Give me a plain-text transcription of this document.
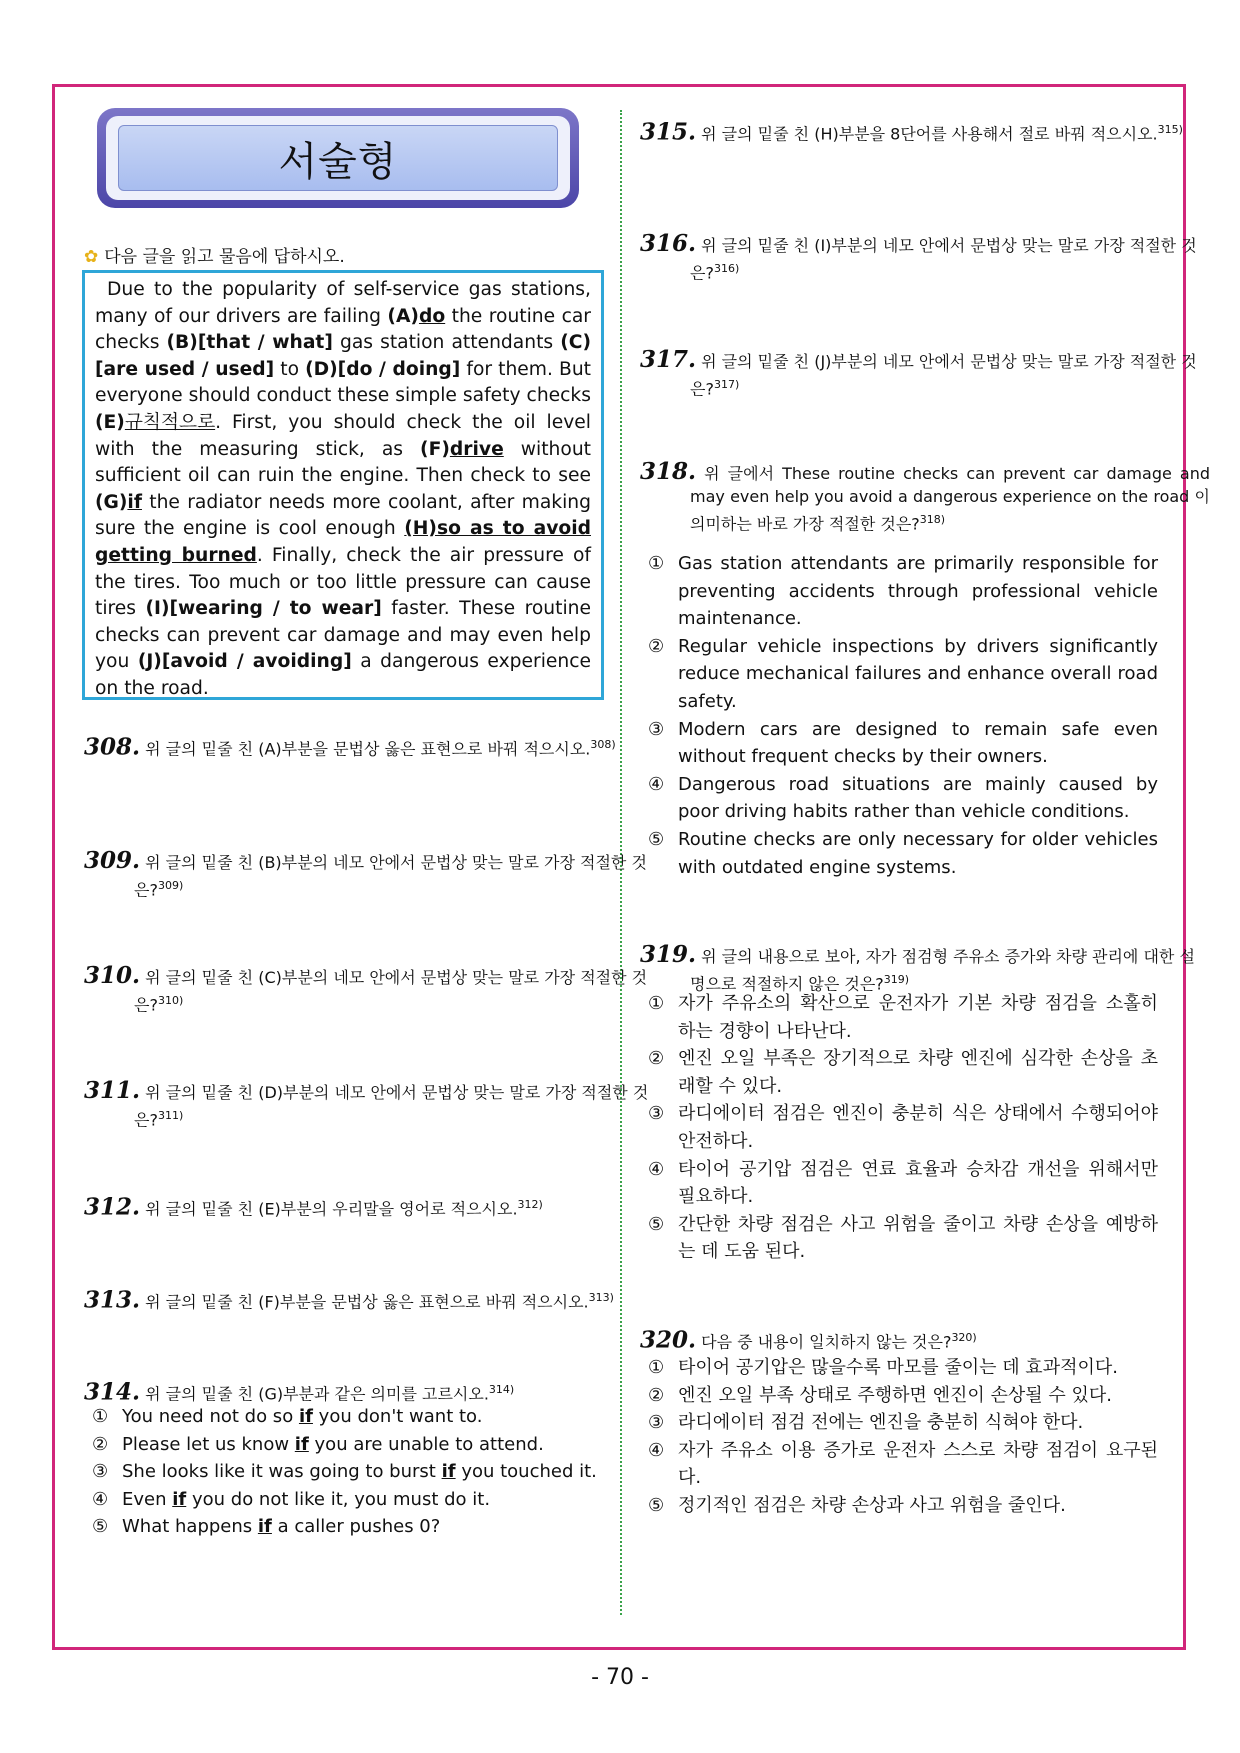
서술형
✿ 다음 글을 읽고 물음에 답하시오.

Due to the popularity of self-service gas stations, many of our drivers are failing (A)do the routine car checks (B)[that / what] gas station attendants (C)[are used / used] to (D)[do / doing] for them. But everyone should conduct these simple safety checks (E)규칙적으로. First, you should check the oil level with the measuring stick, as (F)drive without sufficient oil can ruin the engine. Then check to see (G)if the radiator needs more coolant, after making sure the engine is cool enough (H)so as to avoid getting burned. Finally, check the air pressure of the tires. Too much or too little pressure can cause tires (I)[wearing / to wear] faster. These routine checks can prevent car damage and may even help you (J)[avoid / avoiding] a dangerous experience on the road.

308. 위 글의 밑줄 친 (A)부분을 문법상 옳은 표현으로 바꿔 적으시오.$^{308)}$
309. 위 글의 밑줄 친 (B)부분의 네모 안에서 문법상 맞는 말로 가장 적절한 것은?$^{309)}$
310. 위 글의 밑줄 친 (C)부분의 네모 안에서 문법상 맞는 말로 가장 적절한 것은?$^{310)}$
311. 위 글의 밑줄 친 (D)부분의 네모 안에서 문법상 맞는 말로 가장 적절한 것은?$^{311)}$
312. 위 글의 밑줄 친 (E)부분의 우리말을 영어로 적으시오.$^{312)}$
313. 위 글의 밑줄 친 (F)부분을 문법상 옳은 표현으로 바꿔 적으시오.$^{313)}$
314. 위 글의 밑줄 친 (G)부분과 같은 의미를 고르시오.$^{314)}$
① You need not do so if you don't want to.
② Please let us know if you are unable to attend.
③ She looks like it was going to burst if you touched it.
④ Even if you do not like it, you must do it.
⑤ What happens if a caller pushes 0?
315. 위 글의 밑줄 친 (H)부분을 8단어를 사용해서 절로 바꿔 적으시오.$^{315)}$
316. 위 글의 밑줄 친 (I)부분의 네모 안에서 문법상 맞는 말로 가장 적절한 것은?$^{316)}$
317. 위 글의 밑줄 친 (J)부분의 네모 안에서 문법상 맞는 말로 가장 적절한 것은?$^{317)}$
318. 위 글에서 These routine checks can prevent car damage and may even help you avoid a dangerous experience on the road 이 의미하는 바로 가장 적절한 것은?$^{318)}$
① Gas station attendants are primarily responsible for preventing accidents through professional vehicle maintenance.
② Regular vehicle inspections by drivers significantly reduce mechanical failures and enhance overall road safety.
③ Modern cars are designed to remain safe even without frequent checks by their owners.
④ Dangerous road situations are mainly caused by poor driving habits rather than vehicle conditions.
⑤ Routine checks are only necessary for older vehicles with outdated engine systems.
319. 위 글의 내용으로 보아, 자가 점검형 주유소 증가와 차량 관리에 대한 설명으로 적절하지 않은 것은?$^{319)}$
① 자가 주유소의 확산으로 운전자가 기본 차량 점검을 소홀히 하는 경향이 나타난다.
② 엔진 오일 부족은 장기적으로 차량 엔진에 심각한 손상을 초래할 수 있다.
③ 라디에이터 점검은 엔진이 충분히 식은 상태에서 수행되어야 안전하다.
④ 타이어 공기압 점검은 연료 효율과 승차감 개선을 위해서만 필요하다.
⑤ 간단한 차량 점검은 사고 위험을 줄이고 차량 손상을 예방하는 데 도움 된다.
320. 다음 중 내용이 일치하지 않는 것은?$^{320)}$
① 타이어 공기압은 많을수록 마모를 줄이는 데 효과적이다.
② 엔진 오일 부족 상태로 주행하면 엔진이 손상될 수 있다.
③ 라디에이터 점검 전에는 엔진을 충분히 식혀야 한다.
④ 자가 주유소 이용 증가로 운전자 스스로 차량 점검이 요구된다.
⑤ 정기적인 점검은 차량 손상과 사고 위험을 줄인다.
- 70 -
